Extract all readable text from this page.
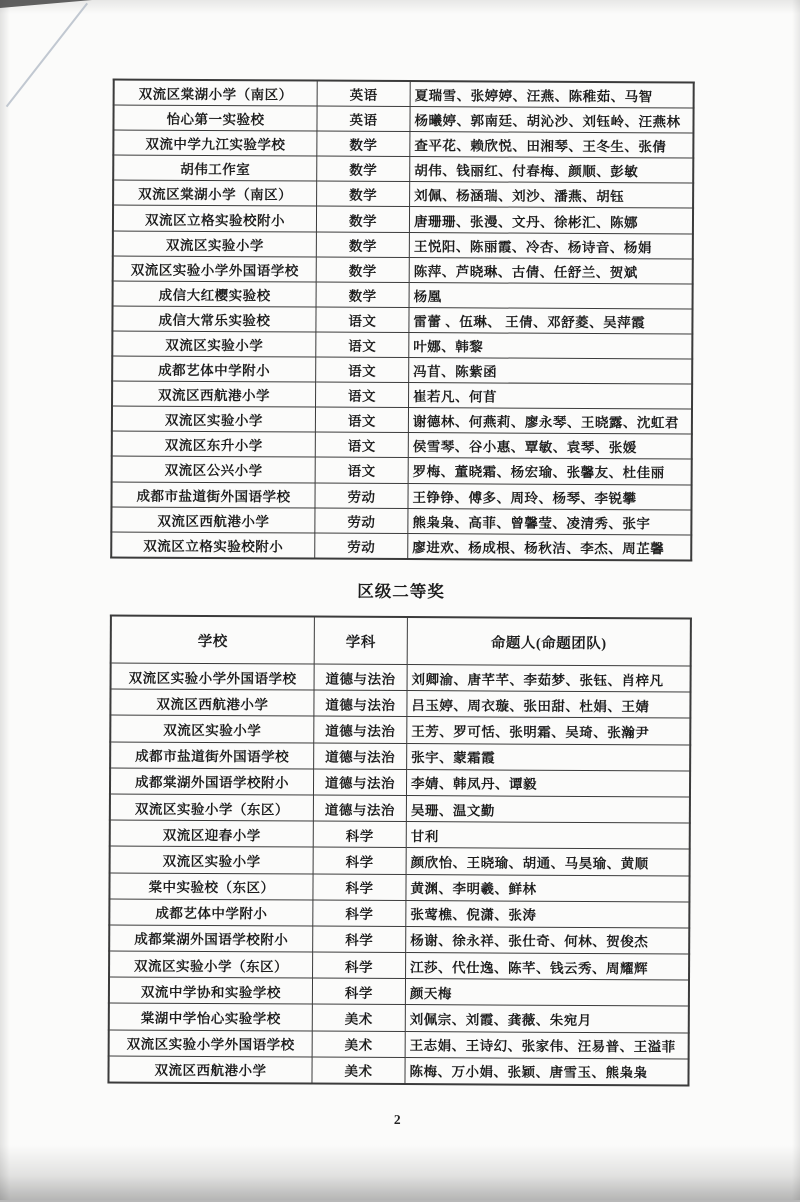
双流区棠湖小学（南区）	英语	夏瑞雪、张婷婷、汪燕、陈稚茹、马智
怡心第一实验校	英语	杨曦婷、郭南廷、胡沁沙、刘钰岭、汪燕林
双流中学九江实验学校	数学	查平花、赖欣悦、田湘琴、王冬生、张倩
胡伟工作室	数学	胡伟、钱丽红、付春梅、颜顺、彭敏
双流区棠湖小学（南区）	数学	刘佩、杨涵瑞、刘沙、潘燕、胡钰
双流区立格实验校附小	数学	唐珊珊、张漫、文丹、徐彬汇、陈娜
双流区实验小学	数学	王悦阳、陈丽霞、冷杏、杨诗音、杨娟
双流区实验小学外国语学校	数学	陈萍、芦晓琳、古倩、任舒兰、贺斌
成信大红樱实验校	数学	杨凰
成信大常乐实验校	语文	雷蕾 、伍琳、 王倩、邓舒菱、吴萍霞
双流区实验小学	语文	叶娜、韩黎
成都艺体中学附小	语文	冯苜、陈紫函
双流区西航港小学	语文	崔若凡、何苜
双流区实验小学	语文	谢德林、何燕莉、廖永琴、王晓露、沈虹君
双流区东升小学	语文	侯雪琴、谷小惠、覃敏、袁琴、张媛
双流区公兴小学	语文	罗梅、董晓霜、杨宏瑜、张馨友、杜佳丽
成都市盐道街外国语学校	劳动	王铮铮、傅多、周玲、杨琴、李锐攀
双流区西航港小学	劳动	熊枭枭、高菲、曾馨莹、凌清秀、张宇
双流区立格实验校附小	劳动	廖进欢、杨成根、杨秋洁、李杰、周芷馨
区级二等奖
学校	学科	命题人(命题团队)
双流区实验小学外国语学校	道德与法治	刘卿渝、唐芊芊、李茹梦、张钰、肖梓凡
双流区西航港小学	道德与法治	吕玉婷、周衣璇、张田甜、杜娟、王婧
双流区实验小学	道德与法治	王芳、罗可恬、张明霜、吴琦、张瀚尹
成都市盐道街外国语学校	道德与法治	张宇、蒙霜霞
成都棠湖外国语学校附小	道德与法治	李婧、韩凤丹、谭毅
双流区实验小学（东区）	道德与法治	吴珊、温文勤
双流区迎春小学	科学	甘利
双流区实验小学	科学	颜欣怡、王晓瑜、胡通、马昊瑜、黄顺
棠中实验校（东区）	科学	黄渊、李明羲、鲜林
成都艺体中学附小	科学	张莺樵、倪潇、张涛
成都棠湖外国语学校附小	科学	杨谢、徐永祥、张仕奇、何林、贺俊杰
双流区实验小学（东区）	科学	江莎、代仕逸、陈芊、钱云秀、周耀辉
双流中学协和实验学校	科学	颜天梅
棠湖中学怡心实验学校	美术	刘佩宗、刘霞、龚薇、朱宛月
双流区实验小学外国语学校	美术	王志娟、王诗幻、张家伟、汪易普、王溢菲
双流区西航港小学	美术	陈梅、万小娟、张颖、唐雪玉、熊枭枭
2
